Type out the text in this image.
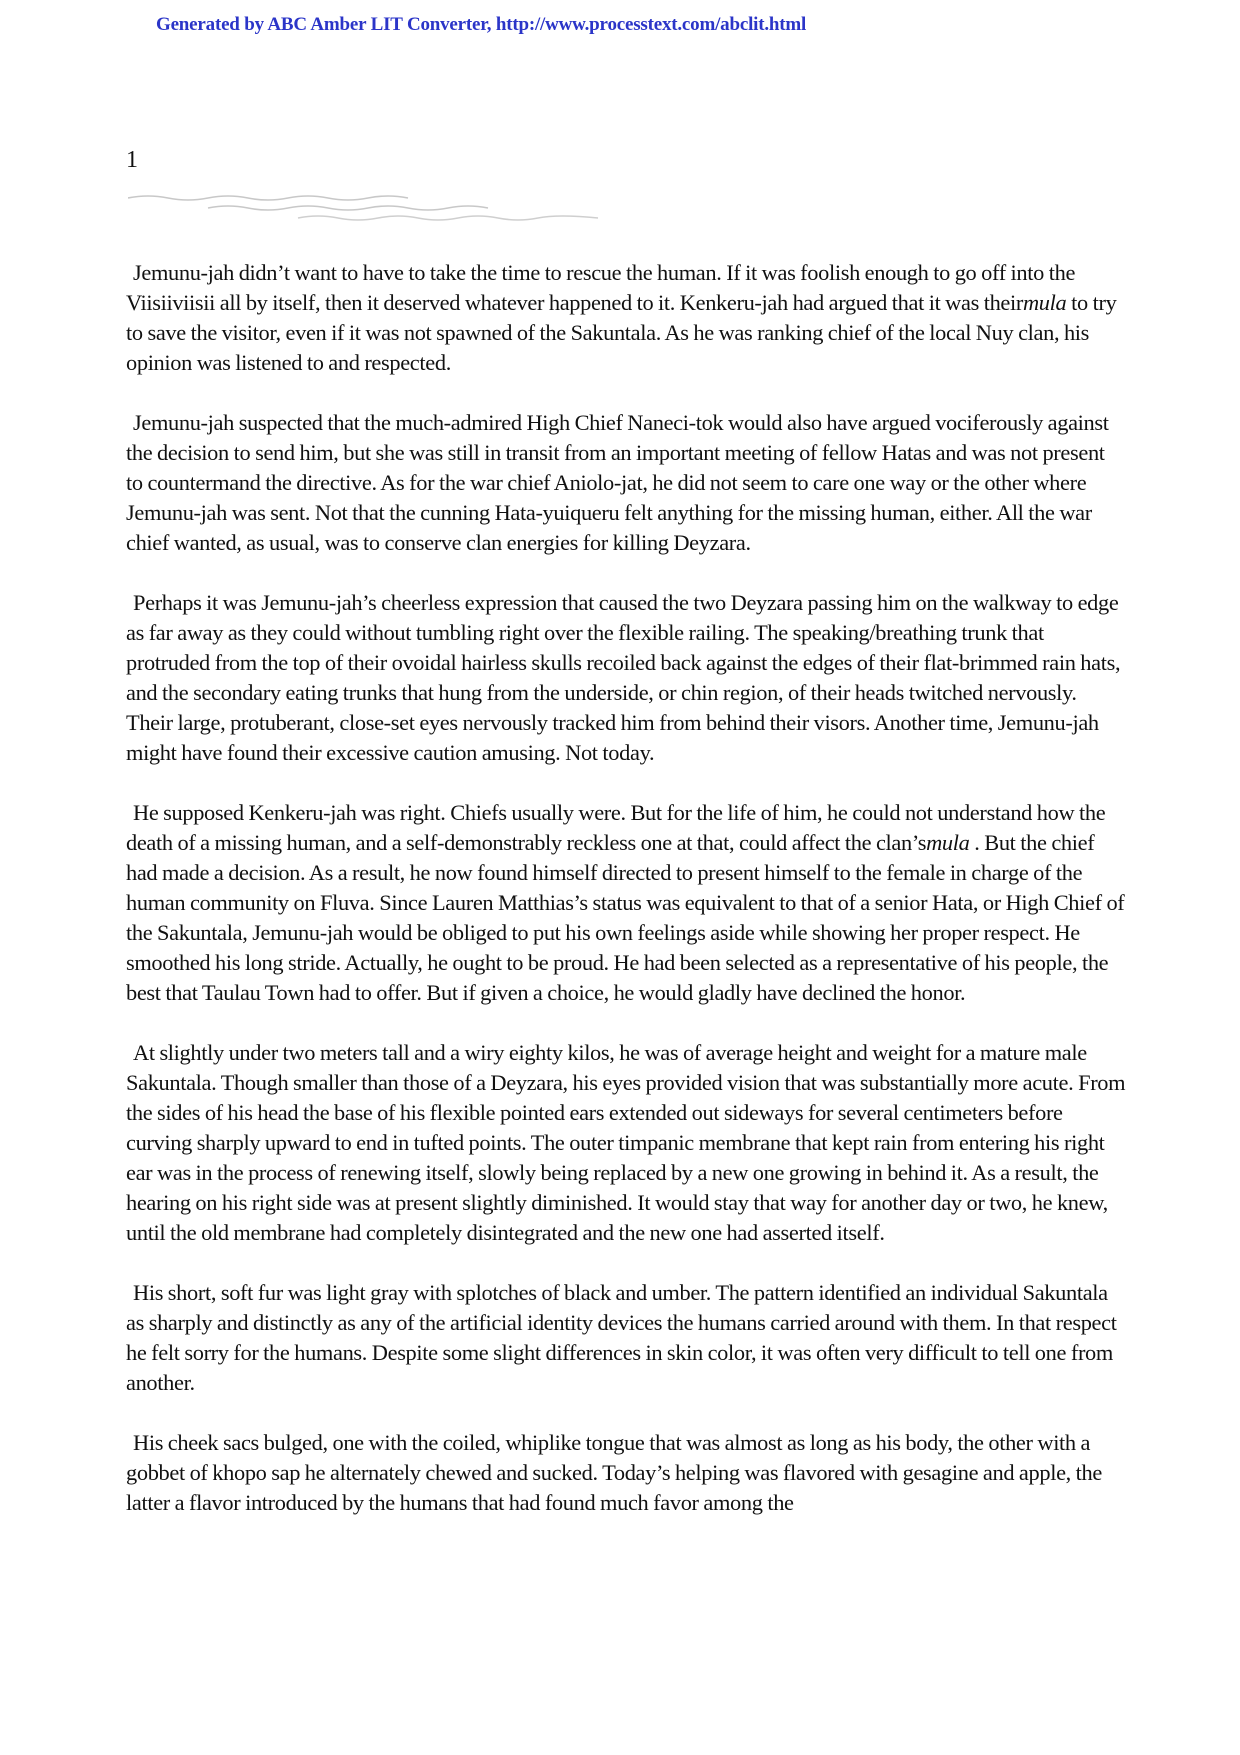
Generated by ABC Amber LIT Converter, http://www.processtext.com/abclit.html
1

Jemunu-jah didn’t want to have to take the time to rescue the human. If it was foolish enough to go off into the Viisiiviisii all by itself, then it deserved whatever happened to it. Kenkeru-jah had argued that it was theirmula to try to save the visitor, even if it was not spawned of the Sakuntala. As he was ranking chief of the local Nuy clan, his opinion was listened to and respected.

Jemunu-jah suspected that the much-admired High Chief Naneci-tok would also have argued vociferously against the decision to send him, but she was still in transit from an important meeting of fellow Hatas and was not present to countermand the directive. As for the war chief Aniolo-jat, he did not seem to care one way or the other where Jemunu-jah was sent. Not that the cunning Hata-yuiqueru felt anything for the missing human, either. All the war chief wanted, as usual, was to conserve clan energies for killing Deyzara.

Perhaps it was Jemunu-jah’s cheerless expression that caused the two Deyzara passing him on the walkway to edge as far away as they could without tumbling right over the flexible railing. The speaking/breathing trunk that protruded from the top of their ovoidal hairless skulls recoiled back against the edges of their flat-brimmed rain hats, and the secondary eating trunks that hung from the underside, or chin region, of their heads twitched nervously. Their large, protuberant, close-set eyes nervously tracked him from behind their visors. Another time, Jemunu-jah might have found their excessive caution amusing. Not today.

He supposed Kenkeru-jah was right. Chiefs usually were. But for the life of him, he could not understand how the death of a missing human, and a self-demonstrably reckless one at that, could affect the clan’smula . But the chief had made a decision. As a result, he now found himself directed to present himself to the female in charge of the human community on Fluva. Since Lauren Matthias’s status was equivalent to that of a senior Hata, or High Chief of the Sakuntala, Jemunu-jah would be obliged to put his own feelings aside while showing her proper respect. He smoothed his long stride. Actually, he ought to be proud. He had been selected as a representative of his people, the best that Taulau Town had to offer. But if given a choice, he would gladly have declined the honor.

At slightly under two meters tall and a wiry eighty kilos, he was of average height and weight for a mature male Sakuntala. Though smaller than those of a Deyzara, his eyes provided vision that was substantially more acute. From the sides of his head the base of his flexible pointed ears extended out sideways for several centimeters before curving sharply upward to end in tufted points. The outer timpanic membrane that kept rain from entering his right ear was in the process of renewing itself, slowly being replaced by a new one growing in behind it. As a result, the hearing on his right side was at present slightly diminished. It would stay that way for another day or two, he knew, until the old membrane had completely disintegrated and the new one had asserted itself.

His short, soft fur was light gray with splotches of black and umber. The pattern identified an individual Sakuntala as sharply and distinctly as any of the artificial identity devices the humans carried around with them. In that respect he felt sorry for the humans. Despite some slight differences in skin color, it was often very difficult to tell one from another.

His cheek sacs bulged, one with the coiled, whiplike tongue that was almost as long as his body, the other with a gobbet of khopo sap he alternately chewed and sucked. Today’s helping was flavored with gesagine and apple, the latter a flavor introduced by the humans that had found much favor among the
